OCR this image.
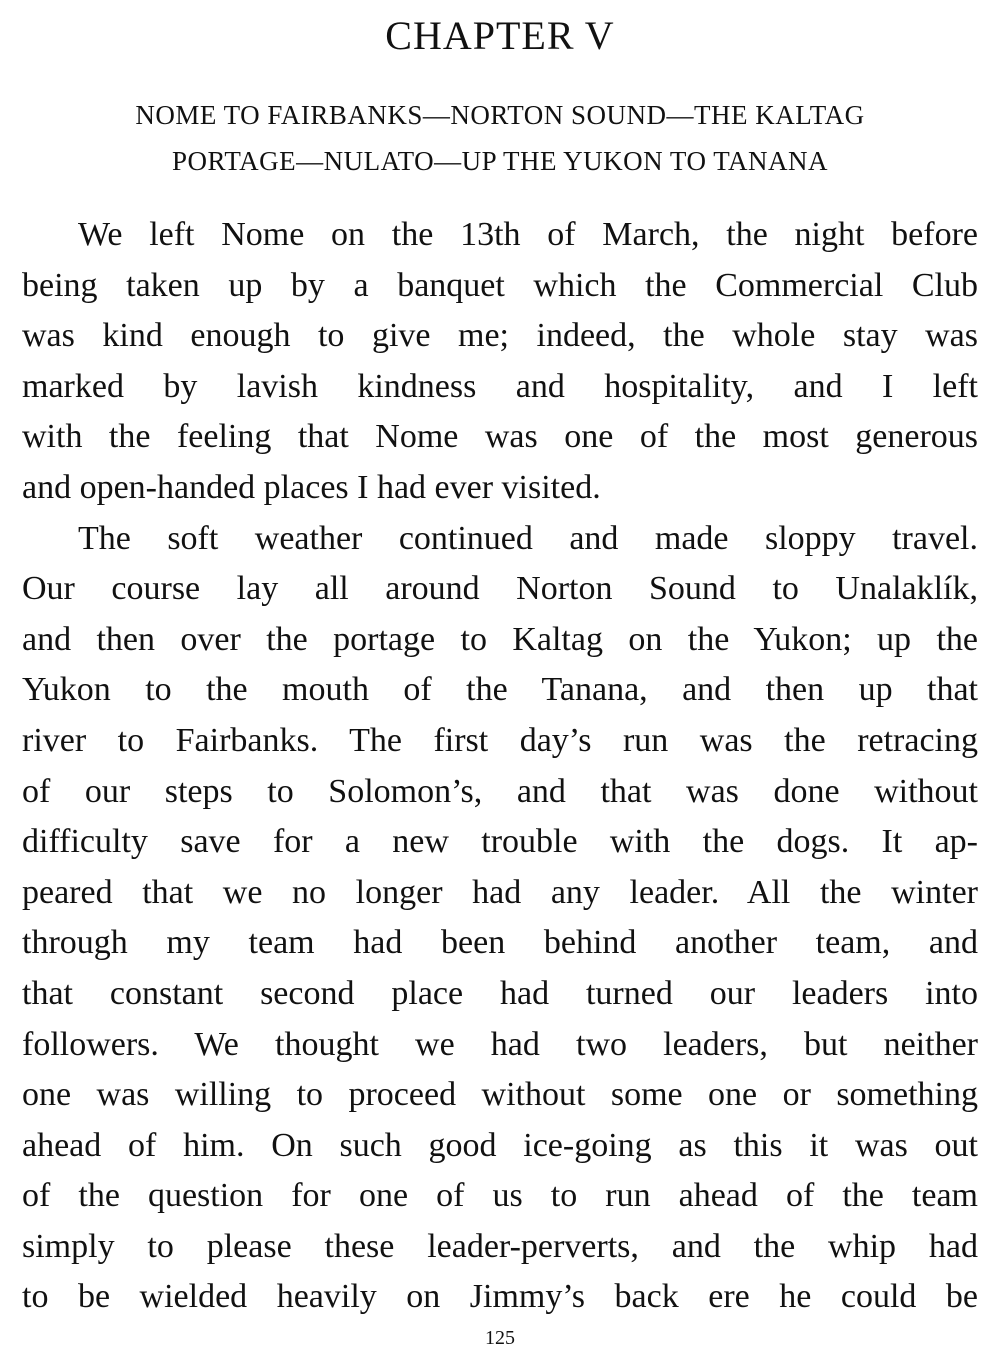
CHAPTER V
NOME TO FAIRBANKS—NORTON SOUND—THE KALTAG
PORTAGE—NULATO—UP THE YUKON TO TANANA
We left Nome on the 13th of March, the night before
being taken up by a banquet which the Commercial Club
was kind enough to give me; indeed, the whole stay was
marked by lavish kindness and hospitality, and I left
with the feeling that Nome was one of the most generous
and open-handed places I had ever visited.
The soft weather continued and made sloppy travel.
Our course lay all around Norton Sound to Unalaklík,
and then over the portage to Kaltag on the Yukon; up the
Yukon to the mouth of the Tanana, and then up that
river to Fairbanks. The first day’s run was the retracing
of our steps to Solomon’s, and that was done without
difficulty save for a new trouble with the dogs. It ap-
peared that we no longer had any leader. All the winter
through my team had been behind another team, and
that constant second place had turned our leaders into
followers. We thought we had two leaders, but neither
one was willing to proceed without some one or something
ahead of him. On such good ice-going as this it was out
of the question for one of us to run ahead of the team
simply to please these leader-perverts, and the whip had
to be wielded heavily on Jimmy’s back ere he could be
125
